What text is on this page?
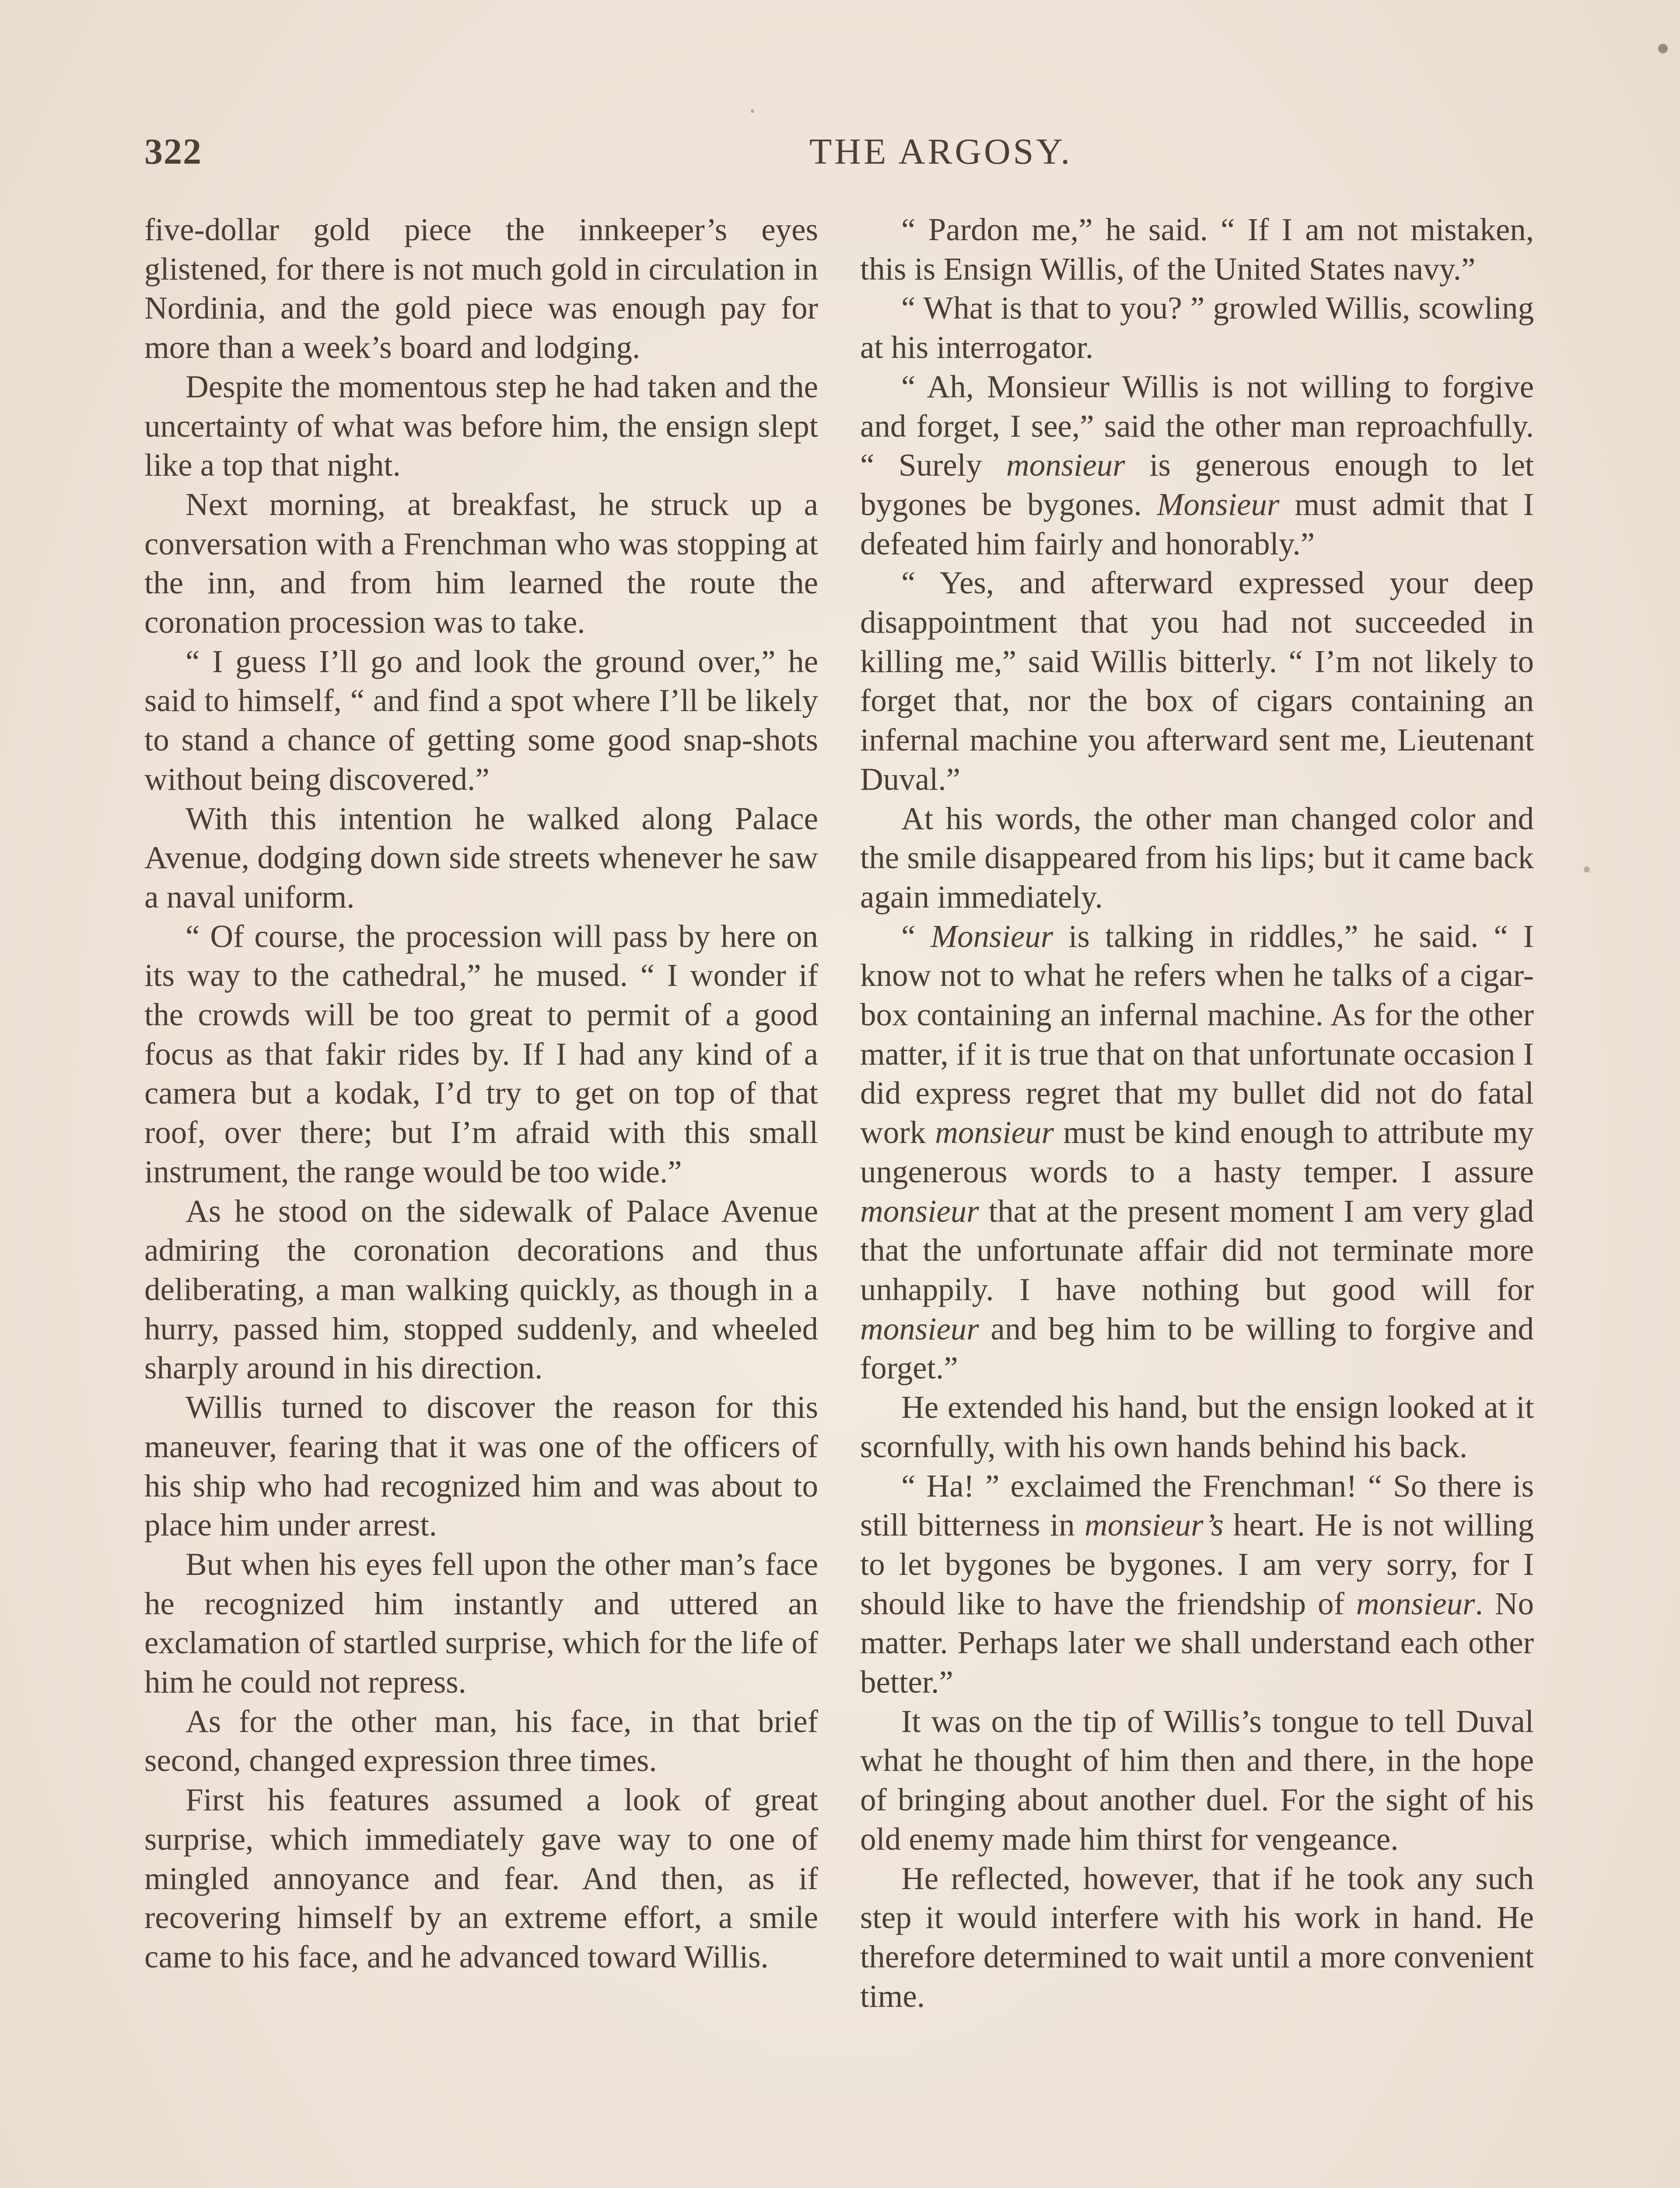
322	THE ARGOSY.

five-dollar gold piece the innkeeper’s eyes glistened, for there is not much gold in circulation in Nordinia, and the gold piece was enough pay for more than a week’s board and lodging.

Despite the momentous step he had taken and the uncertainty of what was before him, the ensign slept like a top that night.

Next morning, at breakfast, he struck up a conversation with a Frenchman who was stopping at the inn, and from him learned the route the coronation procession was to take.

“ I guess I’ll go and look the ground over,” he said to himself, “ and find a spot where I’ll be likely to stand a chance of getting some good snap-shots without being discovered.”

With this intention he walked along Palace Avenue, dodging down side streets whenever he saw a naval uniform.

“ Of course, the procession will pass by here on its way to the cathedral,” he mused. “ I wonder if the crowds will be too great to permit of a good focus as that fakir rides by. If I had any kind of a camera but a kodak, I’d try to get on top of that roof, over there; but I’m afraid with this small instrument, the range would be too wide.”

As he stood on the sidewalk of Palace Avenue admiring the coronation decorations and thus deliberating, a man walking quickly, as though in a hurry, passed him, stopped suddenly, and wheeled sharply around in his direction.

Willis turned to discover the reason for this maneuver, fearing that it was one of the officers of his ship who had recognized him and was about to place him under arrest.

But when his eyes fell upon the other man’s face he recognized him instantly and uttered an exclamation of startled surprise, which for the life of him he could not repress.

As for the other man, his face, in that brief second, changed expression three times.

First his features assumed a look of great surprise, which immediately gave way to one of mingled annoyance and fear. And then, as if recovering himself by an extreme effort, a smile came to his face, and he advanced toward Willis.

“ Pardon me,” he said. “ If I am not mistaken, this is Ensign Willis, of the United States navy.”

“ What is that to you? ” growled Willis, scowling at his interrogator.

“ Ah, Monsieur Willis is not willing to forgive and forget, I see,” said the other man reproachfully. “ Surely monsieur is generous enough to let bygones be bygones. Monsieur must admit that I defeated him fairly and honorably.”

“ Yes, and afterward expressed your deep disappointment that you had not succeeded in killing me,” said Willis bitterly. “ I’m not likely to forget that, nor the box of cigars containing an infernal machine you afterward sent me, Lieutenant Duval.”

At his words, the other man changed color and the smile disappeared from his lips; but it came back again immediately.

“ Monsieur is talking in riddles,” he said. “ I know not to what he refers when he talks of a cigar-box containing an infernal machine. As for the other matter, if it is true that on that unfortunate occasion I did express regret that my bullet did not do fatal work monsieur must be kind enough to attribute my ungenerous words to a hasty temper. I assure monsieur that at the present moment I am very glad that the unfortunate affair did not terminate more unhappily. I have nothing but good will for monsieur and beg him to be willing to forgive and forget.”

He extended his hand, but the ensign looked at it scornfully, with his own hands behind his back.

“ Ha! ” exclaimed the Frenchman! “ So there is still bitterness in monsieur’s heart. He is not willing to let bygones be bygones. I am very sorry, for I should like to have the friendship of monsieur. No matter. Perhaps later we shall understand each other better.”

It was on the tip of Willis’s tongue to tell Duval what he thought of him then and there, in the hope of bringing about another duel. For the sight of his old enemy made him thirst for vengeance.

He reflected, however, that if he took any such step it would interfere with his work in hand. He therefore determined to wait until a more convenient time.
